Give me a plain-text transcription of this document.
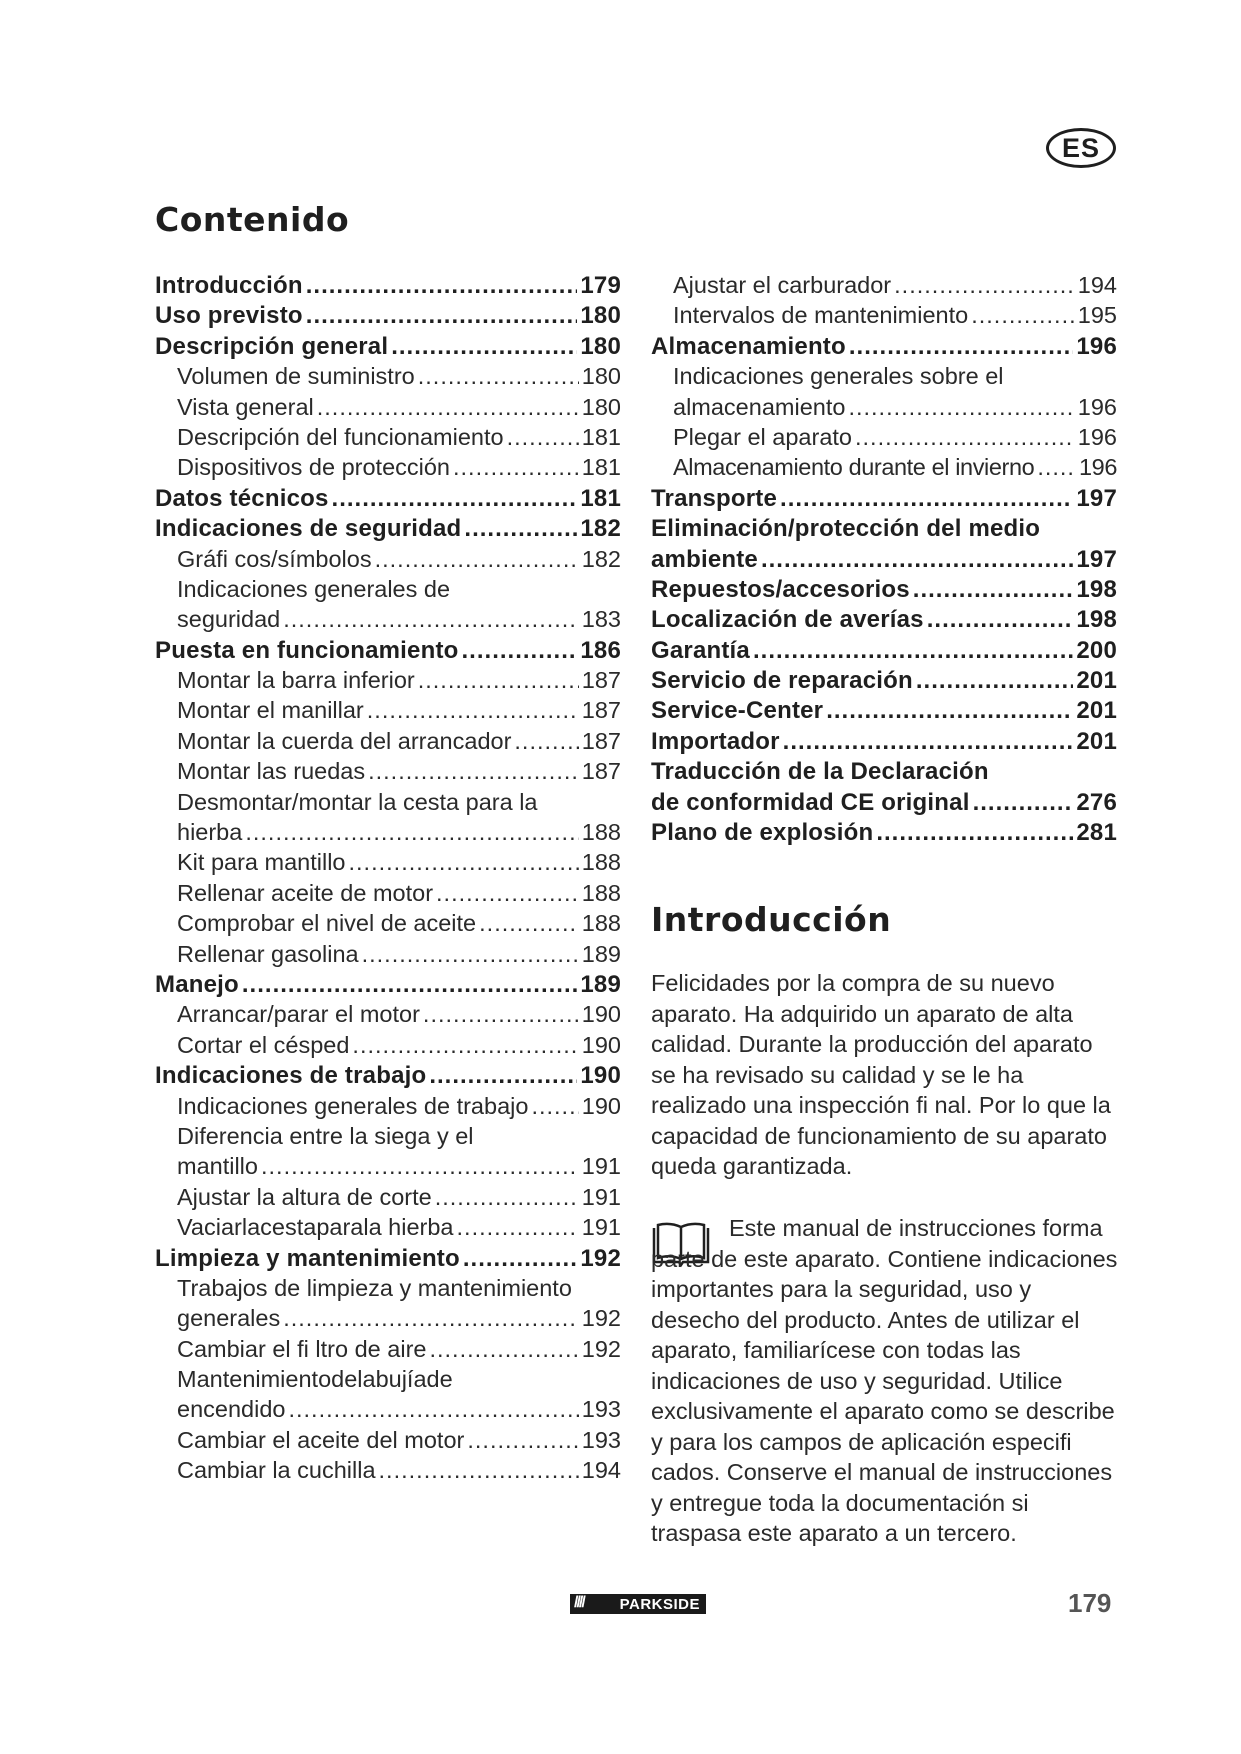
ES
Contenido
Introducción .....	179
Uso previsto .....	180
Descripción general .....	180
Volumen de suministro .....	180
Vista general .....	180
Descripción del funcionamiento .....	181
Dispositivos de protección .....	181
Datos técnicos .....	181
Indicaciones de seguridad .....	182
Gráfi cos/símbolos .....	182
Indicaciones generales de
seguridad .....	183
Puesta en funcionamiento .....	186
Montar la barra inferior .....	187
Montar el manillar .....	187
Montar la cuerda del arrancador .....	187
Montar las ruedas .....	187
Desmontar/montar la cesta para la
hierba .....	188
Kit para mantillo .....	188
Rellenar aceite de motor .....	188
Comprobar el nivel de aceite .....	188
Rellenar gasolina .....	189
Manejo .....	189
Arrancar/parar el motor .....	190
Cortar el césped .....	190
Indicaciones de trabajo .....	190
Indicaciones generales de trabajo ..... 190
Diferencia entre la siega y el
mantillo .....	191
Ajustar la altura de corte .....	191
Vaciarlacestaparala hierba .....	191
Limpieza y mantenimiento .....	192
Trabajos de limpieza y mantenimiento
generales .....	192
Cambiar el fi ltro de aire .....	192
Mantenimientodelabujíade
encendido .....	193
Cambiar el aceite del motor .....	193
Cambiar la cuchilla .....	194
Ajustar el carburador .....	194
Intervalos de mantenimiento .....	195
Almacenamiento .....	196
Indicaciones generales sobre el
almacenamiento .....	196
Plegar el aparato .....	196
Almacenamiento durante el invierno ..... 196
Transporte .....	197
Eliminación/protección del medio
ambiente .....	197
Repuestos/accesorios .....	198
Localización de averías .....	198
Garantía .....	200
Servicio de reparación .....	201
Service-Center .....	201
Importador .....	201
Traducción de la Declaración
de conformidad CE original .....	276
Plano de explosión .....	281
Introducción

Felicidades por la compra de su nuevo aparato. Ha adquirido un aparato de alta calidad. Durante la producción del aparato se ha revisado su calidad y se le ha realizado una inspección fi nal. Por lo que la capacidad de funcionamiento de su aparato queda garantizada.

Este manual de instrucciones forma parte de este aparato. Contiene indicaciones importantes para la seguridad, uso y desecho del producto. Antes de utilizar el aparato, familiarícese con todas las indicaciones de uso y seguridad. Utilice exclusivamente el aparato como se describe y para los campos de aplicación especifi cados. Conserve el manual de instrucciones y entregue toda la documentación si traspasa este aparato a un tercero.

//// PARKSIDE	179
